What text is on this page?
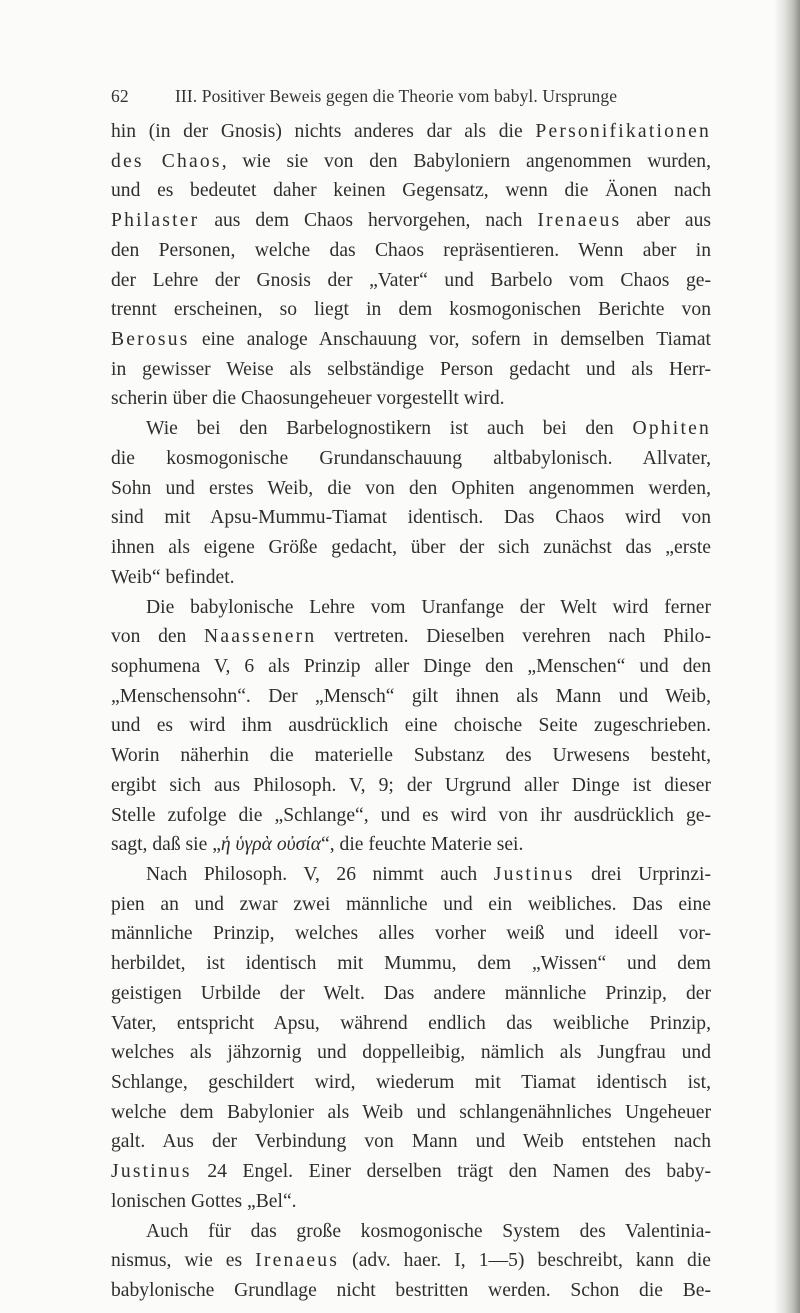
62	III. Positiver Beweis gegen die Theorie vom babyl. Ursprunge
hin (in der Gnosis) nichts anderes dar als die Personifikationen
des Chaos, wie sie von den Babyloniern angenommen wurden,
und es bedeutet daher keinen Gegensatz, wenn die Äonen nach
Philaster aus dem Chaos hervorgehen, nach Irenaeus aber aus
den Personen, welche das Chaos repräsentieren. Wenn aber in
der Lehre der Gnosis der „Vater“ und Barbelo vom Chaos ge-
trennt erscheinen, so liegt in dem kosmogonischen Berichte von
Berosus eine analoge Anschauung vor, sofern in demselben Tiamat
in gewisser Weise als selbständige Person gedacht und als Herr-
scherin über die Chaosungeheuer vorgestellt wird.
Wie bei den Barbelognostikern ist auch bei den Ophiten
die kosmogonische Grundanschauung altbabylonisch. Allvater,
Sohn und erstes Weib, die von den Ophiten angenommen werden,
sind mit Apsu-Mummu-Tiamat identisch. Das Chaos wird von
ihnen als eigene Größe gedacht, über der sich zunächst das „erste
Weib“ befindet.
Die babylonische Lehre vom Uranfange der Welt wird ferner
von den Naassenern vertreten. Dieselben verehren nach Philo-
sophumena V, 6 als Prinzip aller Dinge den „Menschen“ und den
„Menschensohn“. Der „Mensch“ gilt ihnen als Mann und Weib,
und es wird ihm ausdrücklich eine choische Seite zugeschrieben.
Worin näherhin die materielle Substanz des Urwesens besteht,
ergibt sich aus Philosoph. V, 9; der Urgrund aller Dinge ist dieser
Stelle zufolge die „Schlange“, und es wird von ihr ausdrücklich ge-
sagt, daß sie „ἡ ὑγρὰ οὐσία“, die feuchte Materie sei.
Nach Philosoph. V, 26 nimmt auch Justinus drei Urprinzi-
pien an und zwar zwei männliche und ein weibliches. Das eine
männliche Prinzip, welches alles vorher weiß und ideell vor-
herbildet, ist identisch mit Mummu, dem „Wissen“ und dem
geistigen Urbilde der Welt. Das andere männliche Prinzip, der
Vater, entspricht Apsu, während endlich das weibliche Prinzip,
welches als jähzornig und doppelleibig, nämlich als Jungfrau und
Schlange, geschildert wird, wiederum mit Tiamat identisch ist,
welche dem Babylonier als Weib und schlangenähnliches Ungeheuer
galt. Aus der Verbindung von Mann und Weib entstehen nach
Justinus 24 Engel. Einer derselben trägt den Namen des baby-
lonischen Gottes „Bel“.
Auch für das große kosmogonische System des Valentinia-
nismus, wie es Irenaeus (adv. haer. I, 1—5) beschreibt, kann die
babylonische Grundlage nicht bestritten werden. Schon die Be-
